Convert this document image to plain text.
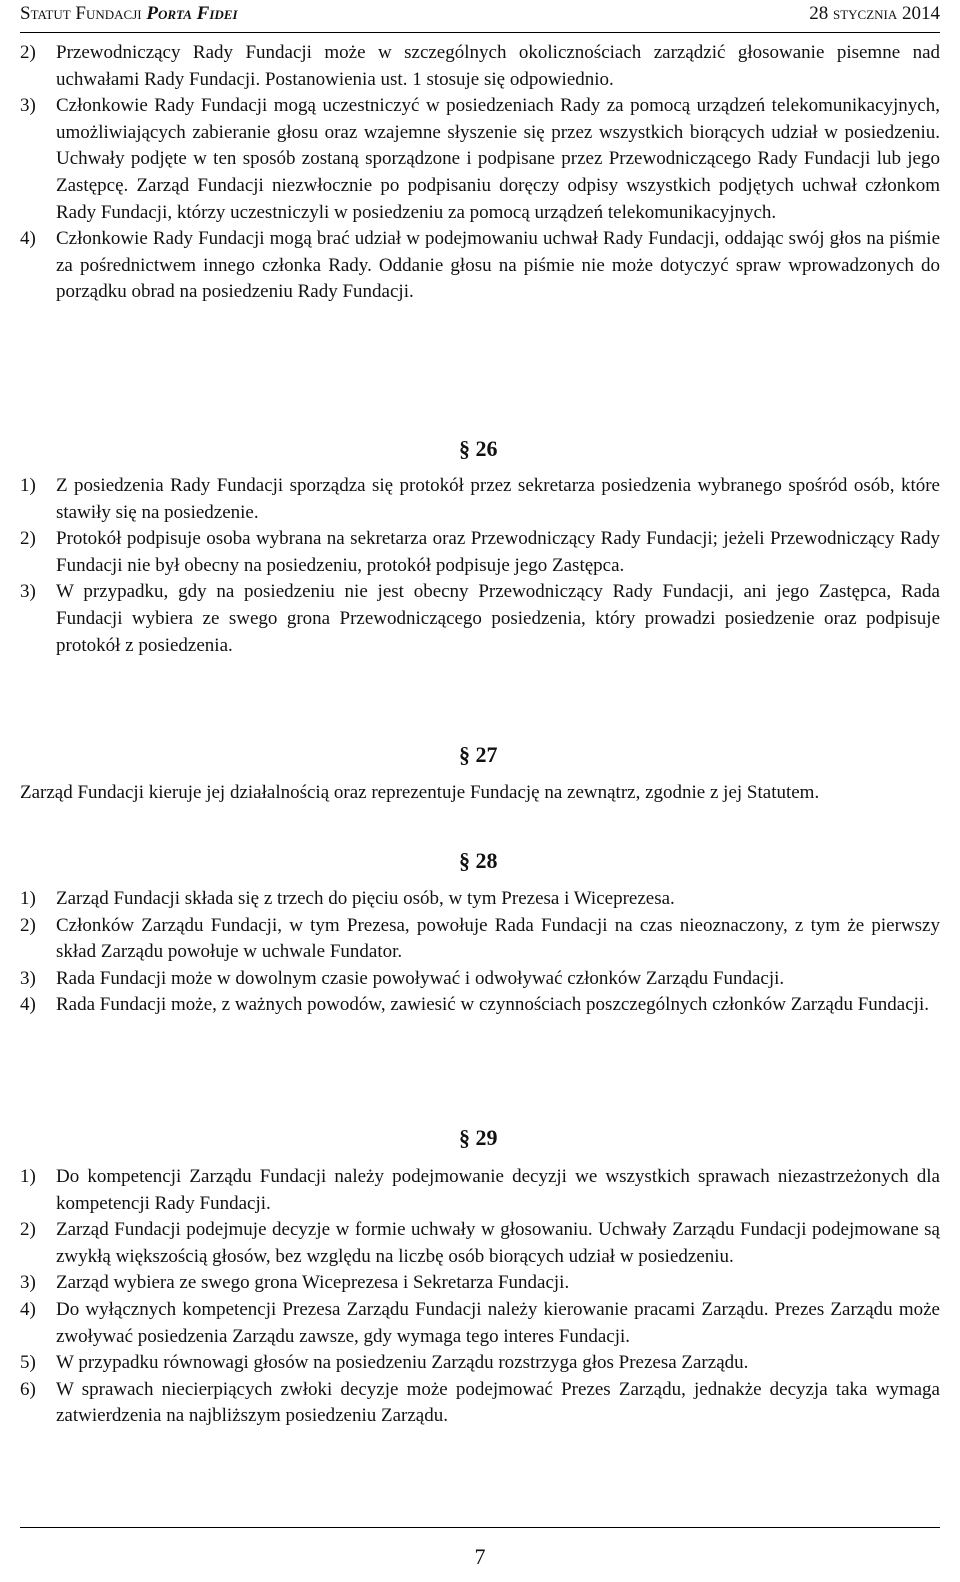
Statut Fundacji Porta Fidei	28 stycznia 2014
2) Przewodniczący Rady Fundacji może w szczególnych okolicznościach zarządzić głosowanie pisemne nad uchwałami Rady Fundacji. Postanowienia ust. 1 stosuje się odpowiednio.
3) Członkowie Rady Fundacji mogą uczestniczyć w posiedzeniach Rady za pomocą urządzeń telekomunikacyjnych, umożliwiających zabieranie głosu oraz wzajemne słyszenie się przez wszystkich biorących udział w posiedzeniu. Uchwały podjęte w ten sposób zostaną sporządzone i podpisane przez Przewodniczącego Rady Fundacji lub jego Zastępcę. Zarząd Fundacji niezwłocznie po podpisaniu doręczy odpisy wszystkich podjętych uchwał członkom Rady Fundacji, którzy uczestniczyli w posiedzeniu za pomocą urządzeń telekomunikacyjnych.
4) Członkowie Rady Fundacji mogą brać udział w podejmowaniu uchwał Rady Fundacji, oddając swój głos na piśmie za pośrednictwem innego członka Rady. Oddanie głosu na piśmie nie może dotyczyć spraw wprowadzonych do porządku obrad na posiedzeniu Rady Fundacji.
§ 26
1) Z posiedzenia Rady Fundacji sporządza się protokół przez sekretarza posiedzenia wybranego spośród osób, które stawiły się na posiedzenie.
2) Protokół podpisuje osoba wybrana na sekretarza oraz Przewodniczący Rady Fundacji; jeżeli Przewodniczący Rady Fundacji nie był obecny na posiedzeniu, protokół podpisuje jego Zastępca.
3) W przypadku, gdy na posiedzeniu nie jest obecny Przewodniczący Rady Fundacji, ani jego Zastępca, Rada Fundacji wybiera ze swego grona Przewodniczącego posiedzenia, który prowadzi posiedzenie oraz podpisuje protokół z posiedzenia.
§ 27
Zarząd Fundacji kieruje jej działalnością oraz reprezentuje Fundację na zewnątrz, zgodnie z jej Statutem.
§ 28
1) Zarząd Fundacji składa się z trzech do pięciu osób, w tym Prezesa i Wiceprezesa.
2) Członków Zarządu Fundacji, w tym Prezesa, powołuje Rada Fundacji na czas nieoznaczony, z tym że pierwszy skład Zarządu powołuje w uchwale Fundator.
3) Rada Fundacji może w dowolnym czasie powoływać i odwoływać członków Zarządu Fundacji.
4) Rada Fundacji może, z ważnych powodów, zawiesić w czynnościach poszczególnych członków Zarządu Fundacji.
§ 29
1) Do kompetencji Zarządu Fundacji należy podejmowanie decyzji we wszystkich sprawach niezastrzeżonych dla kompetencji Rady Fundacji.
2) Zarząd Fundacji podejmuje decyzje w formie uchwały w głosowaniu. Uchwały Zarządu Fundacji podejmowane są zwykłą większością głosów, bez względu na liczbę osób biorących udział w posiedzeniu.
3) Zarząd wybiera ze swego grona Wiceprezesa i Sekretarza Fundacji.
4) Do wyłącznych kompetencji Prezesa Zarządu Fundacji należy kierowanie pracami Zarządu. Prezes Zarządu może zwoływać posiedzenia Zarządu zawsze, gdy wymaga tego interes Fundacji.
5) W przypadku równowagi głosów na posiedzeniu Zarządu rozstrzyga głos Prezesa Zarządu.
6) W sprawach niecierpiących zwłoki decyzje może podejmować Prezes Zarządu, jednakże decyzja taka wymaga zatwierdzenia na najbliższym posiedzeniu Zarządu.
7
